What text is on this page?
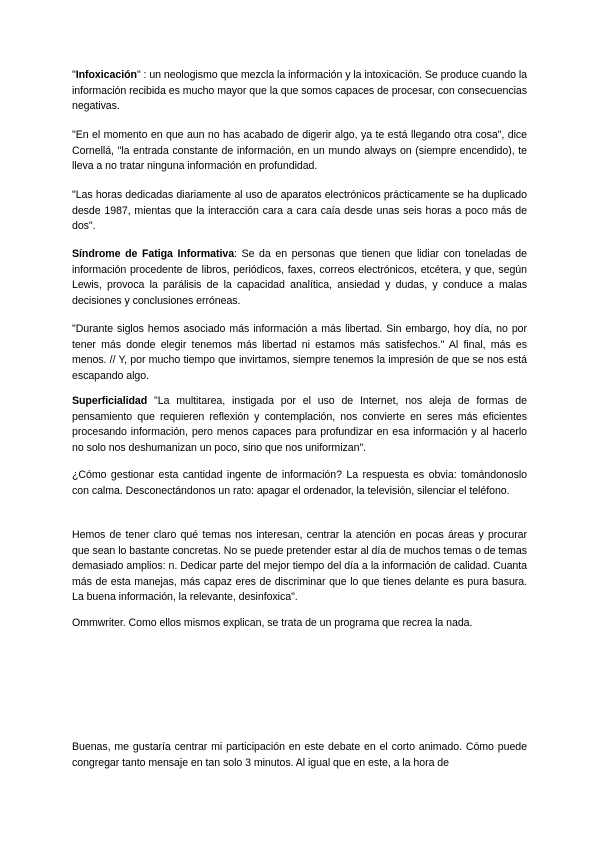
"Infoxicación" : un neologismo que mezcla la información y la intoxicación. Se produce cuando la información recibida es mucho mayor que la que somos capaces de procesar, con consecuencias negativas.

"En el momento en que aun no has acabado de digerir algo, ya te está llegando otra cosa", dice Cornellá, "la entrada constante de información, en un mundo always on (siempre encendido), te lleva a no tratar ninguna información en profundidad.

"Las horas dedicadas diariamente al uso de aparatos electrónicos prácticamente se ha duplicado desde 1987, mientas que la interacción cara a cara caía desde unas seis horas a poco más de dos".

Síndrome de Fatiga Informativa: Se da en personas que tienen que lidiar con toneladas de información procedente de libros, periódicos, faxes, correos electrónicos, etcétera, y que, según Lewis, provoca la parálisis de la capacidad analítica, ansiedad y dudas, y conduce a malas decisiones y conclusiones erróneas.

"Durante siglos hemos asociado más información a más libertad. Sin embargo, hoy día, no por tener más donde elegir tenemos más libertad ni estamos más satisfechos." Al final, más es menos. // Y, por mucho tiempo que invirtamos, siempre tenemos la impresión de que se nos está escapando algo.

Superficialidad "La multitarea, instigada por el uso de Internet, nos aleja de formas de pensamiento que requieren reflexión y contemplación, nos convierte en seres más eficientes procesando información, pero menos capaces para profundizar en esa información y al hacerlo no solo nos deshumanizan un poco, sino que nos uniformizan".

¿Cómo gestionar esta cantidad ingente de información? La respuesta es obvia: tomándonoslo con calma. Desconectándonos un rato: apagar el ordenador, la televisión, silenciar el teléfono.

Hemos de tener claro qué temas nos interesan, centrar la atención en pocas áreas y procurar que sean lo bastante concretas. No se puede pretender estar al día de muchos temas o de temas demasiado amplios: n. Dedicar parte del mejor tiempo del día a la información de calidad. Cuanta más de esta manejas, más capaz eres de discriminar que lo que tienes delante es pura basura. La buena información, la relevante, desinfoxica".

Ommwriter. Como ellos mismos explican, se trata de un programa que recrea la nada.

Buenas, me gustaría centrar mi participación en este debate en el corto animado. Cómo puede congregar tanto mensaje en tan solo 3 minutos. Al igual que en este, a la hora de
